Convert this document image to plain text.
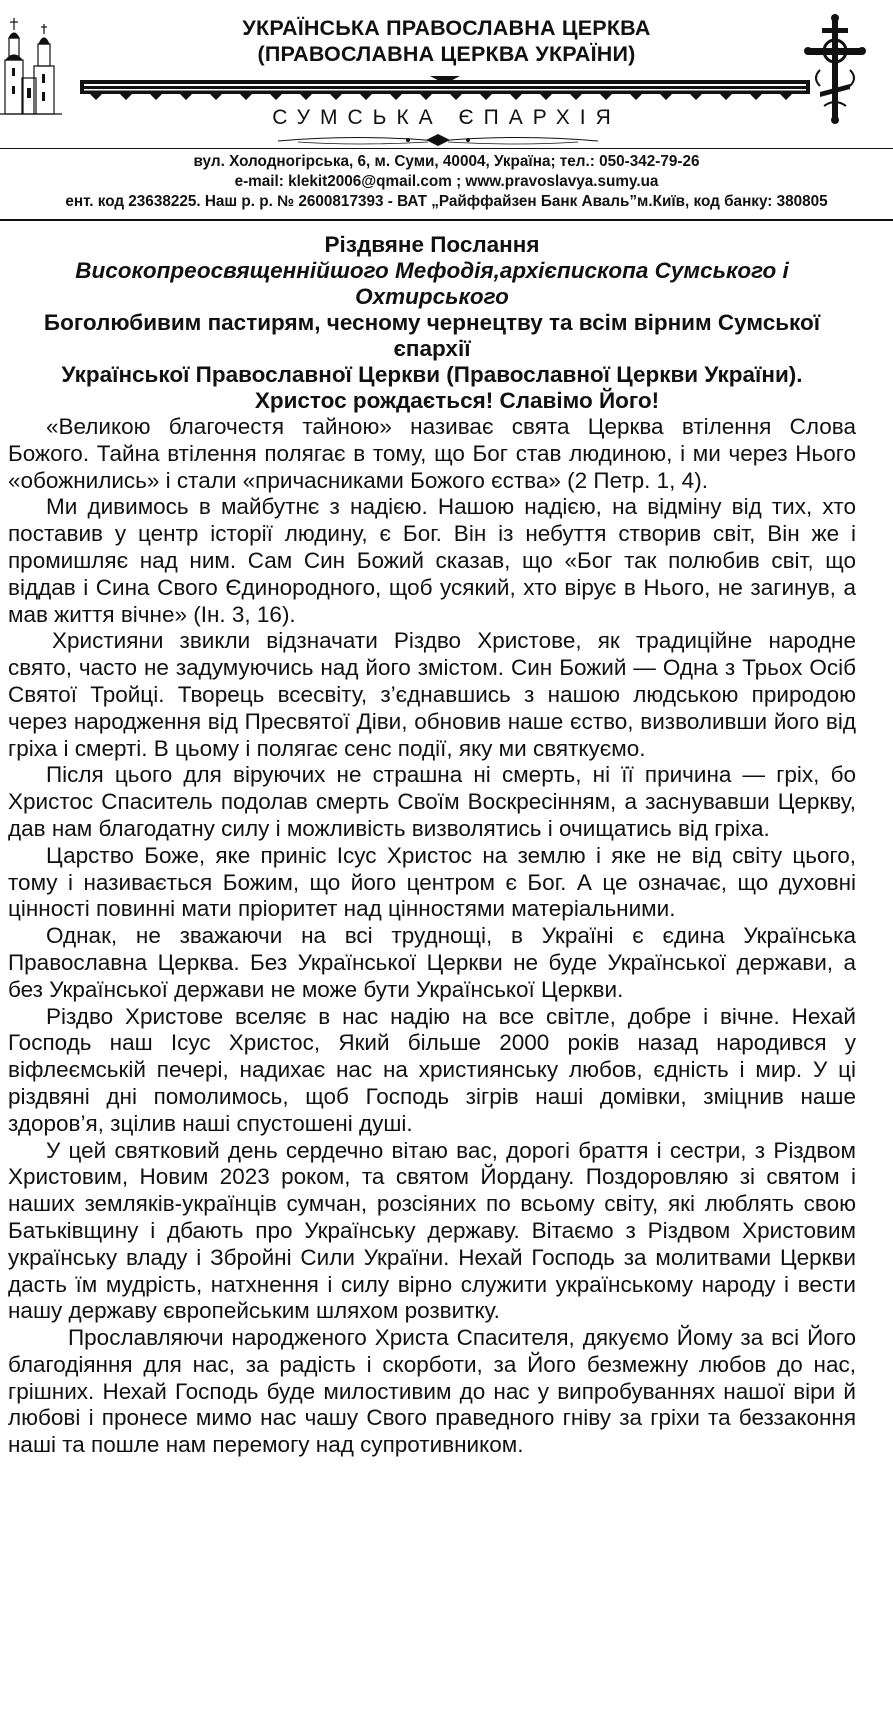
УКРАЇНСЬКА ПРАВОСЛАВНА ЦЕРКВА
(ПРАВОСЛАВНА ЦЕРКВА УКРАЇНИ)
СУМСЬКА ЄПАРХІЯ
вул. Холодногірська, 6, м. Суми, 40004, Україна; тел.: 050-342-79-26
e-mail: klekit2006@qmail.com ; www.pravoslavya.sumy.ua
ент. код 23638225. Наш р. р. № 2600817393 - ВАТ „Райффайзен Банк Аваль”м.Київ, код банку: 380805
Різдвяне Послання
Високопреосвященнійшого Мефодія,архієпископа Сумського і
Охтирського
Боголюбивим пастирям, чесному чернецтву та всім вірним Сумської
єпархії
Української Православної Церкви (Православної Церкви України).
Христос рождається! Славімо Його!

«Великою благочестя тайною» називає свята Церква втілення Слова Божого. Тайна втілення полягає в тому, що Бог став людиною, і ми через Нього «обожнились» і стали «причасниками Божого єства» (2 Петр. 1, 4).

Ми дивимось в майбутнє з надією. Нашою надією, на відміну від тих, хто поставив у центр історії людину, є Бог. Він із небуття створив світ, Він же і промишляє над ним. Сам Син Божий сказав, що «Бог так полюбив світ, що віддав і Сина Свого Єдинородного, щоб усякий, хто вірує в Нього, не загинув, а мав життя вічне» (Ін. 3, 16).

Християни звикли відзначати Різдво Христове, як традиційне народне свято, часто не задумуючись над його змістом. Син Божий — Одна з Трьох Осіб Святої Тройці. Творець всесвіту, з’єднавшись з нашою людською природою через народження від Пресвятої Діви, обновив наше єство, визволивши його від гріха і смерті. В цьому і полягає сенс події, яку ми святкуємо.

Після цього для віруючих не страшна ні смерть, ні її причина — гріх, бо Христос Спаситель подолав смерть Своїм Воскресінням, а заснувавши Церкву, дав нам благодатну силу і можливість визволятись і очищатись від гріха.

Царство Боже, яке приніс Ісус Христос на землю і яке не від світу цього, тому і називається Божим, що його центром є Бог. А це означає, що духовні цінності повинні мати пріоритет над цінностями матеріальними.

Однак, не зважаючи на всі труднощі, в Україні є єдина Українська Православна Церква. Без Української Церкви не буде Української держави, а без Української держави не може бути Української Церкви.

Різдво Христове вселяє в нас надію на все світле, добре і вічне. Нехай Господь наш Ісус Христос, Який більше 2000 років назад народився у віфлеємській печері, надихає нас на християнську любов, єдність і мир. У ці різдвяні дні помолимось, щоб Господь зігрів наші домівки, зміцнив наше здоров’я, зцілив наші спустошені душі.

У цей святковий день сердечно вітаю вас, дорогі браття і сестри, з Різдвом Христовим, Новим 2023 роком, та святом Йордану. Поздоровляю зі святом і наших земляків-українців сумчан, розсіяних по всьому світу, які люблять свою Батьківщину і дбають про Українську державу. Вітаємо з Різдвом Христовим українську владу і Збройні Сили України. Нехай Господь за молитвами Церкви дасть їм мудрість, натхнення і силу вірно служити українському народу і вести нашу державу європейським шляхом розвитку.

Прославляючи народженого Христа Спасителя, дякуємо Йому за всі Його благодіяння для нас, за радість і скорботи, за Його безмежну любов до нас, грішних. Нехай Господь буде милостивим до нас у випробуваннях нашої віри й любові і пронесе мимо нас чашу Свого праведного гніву за гріхи та беззаконня наші та пошле нам перемогу над супротивником.
